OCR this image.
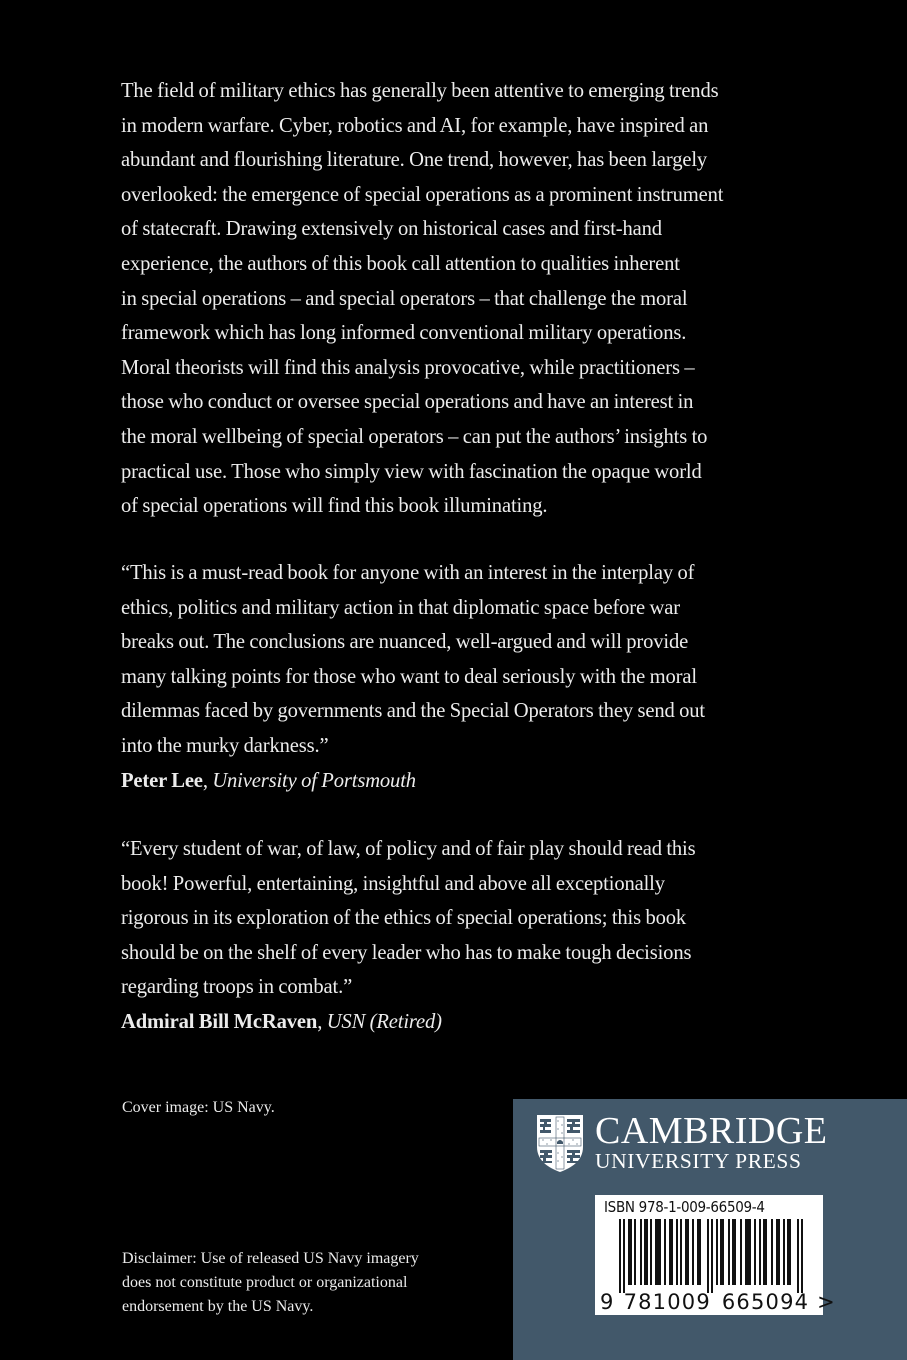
The field of military ethics has generally been attentive to emerging trends
in modern warfare. Cyber, robotics and AI, for example, have inspired an
abundant and flourishing literature. One trend, however, has been largely
overlooked: the emergence of special operations as a prominent instrument
of statecraft. Drawing extensively on historical cases and first-hand
experience, the authors of this book call attention to qualities inherent
in special operations – and special operators – that challenge the moral
framework which has long informed conventional military operations.
Moral theorists will find this analysis provocative, while practitioners –
those who conduct or oversee special operations and have an interest in
the moral wellbeing of special operators – can put the authors’ insights to
practical use. Those who simply view with fascination the opaque world
of special operations will find this book illuminating.

“This is a must-read book for anyone with an interest in the interplay of
ethics, politics and military action in that diplomatic space before war
breaks out. The conclusions are nuanced, well-argued and will provide
many talking points for those who want to deal seriously with the moral
dilemmas faced by governments and the Special Operators they send out
into the murky darkness.”
Peter Lee, University of Portsmouth
“Every student of war, of law, of policy and of fair play should read this
book! Powerful, entertaining, insightful and above all exceptionally
rigorous in its exploration of the ethics of special operations; this book
should be on the shelf of every leader who has to make tough decisions
regarding troops in combat.”
Admiral Bill McRaven, USN (Retired)
Cover image: US Navy.
Disclaimer: Use of released US Navy imagery
does not constitute product or organizational
endorsement by the US Navy.
CAMBRIDGE
UNIVERSITY PRESS
ISBN 978-1-009-66509-4
9 781009 665094 >
